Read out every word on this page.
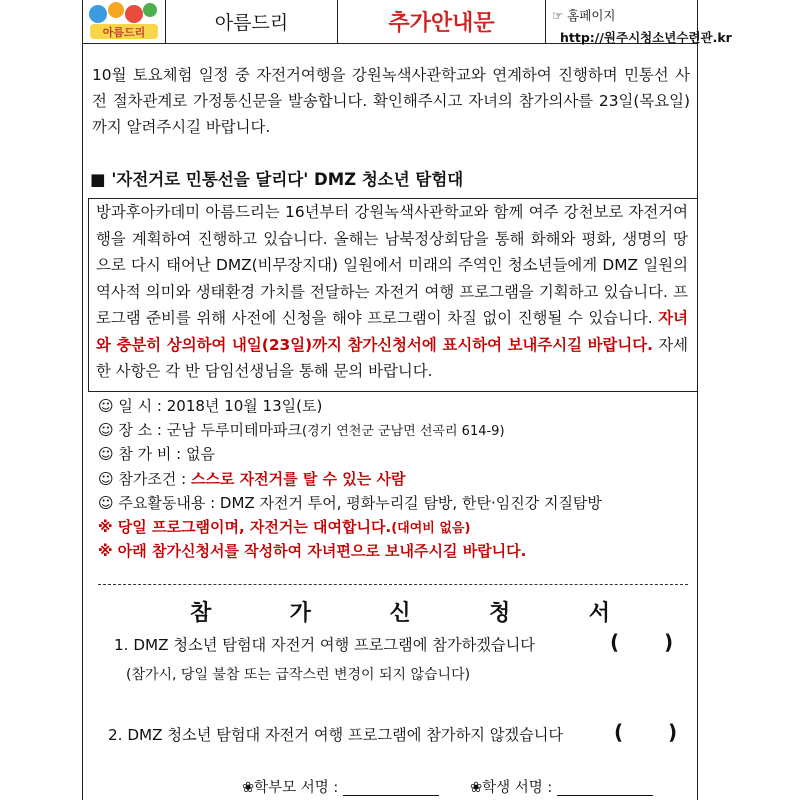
아름드리	아름드리	추가안내문	☞ 홈페이지
http://원주시청소년수련관.kr
10월 토요체험 일정 중 자전거여행을 강원녹색사관학교와 연계하여 진행하며 민통선 사전 절차관계로 가정통신문을 발송합니다. 확인해주시고 자녀의 참가의사를 23일(목요일)까지 알려주시길 바랍니다.
■ '자전거로 민통선을 달리다' DMZ 청소년 탐험대
방과후아카데미 아름드리는 16년부터 강원녹색사관학교와 함께 여주 강천보로 자전거여행을 계획하여 진행하고 있습니다. 올해는 남북정상회담을 통해 화해와 평화, 생명의 땅으로 다시 태어난 DMZ(비무장지대) 일원에서 미래의 주역인 청소년들에게 DMZ 일원의 역사적 의미와 생태환경 가치를 전달하는 자전거 여행 프로그램을 기획하고 있습니다. 프로그램 준비를 위해 사전에 신청을 해야 프로그램이 차질 없이 진행될 수 있습니다. 자녀와 충분히 상의하여 내일(23일)까지 참가신청서에 표시하여 보내주시길 바랍니다. 자세한 사항은 각 반 담임선생님을 통해 문의 바랍니다.
☺ 일 시 : 2018년 10월 13일(토)
☺ 장 소 : 군남 두루미테마파크(경기 연천군 군남면 선곡리 614-9)
☺ 참 가 비 : 없음
☺ 참가조건 : 스스로 자전거를 탈 수 있는 사람
☺ 주요활동내용 : DMZ 자전거 투어, 평화누리길 탐방, 한탄·임진강 지질탐방
※ 당일 프로그램이며, 자전거는 대여합니다.(대여비 없음)
※ 아래 참가신청서를 작성하여 자녀편으로 보내주시길 바랍니다.
참	가	신	청	서
1. DMZ 청소년 탐험대 자전거 여행 프로그램에 참가하겠습니다	( )
(참가시, 당일 불참 또는 급작스런 변경이 되지 않습니다)
2. DMZ 청소년 탐험대 자전거 여행 프로그램에 참가하지 않겠습니다	( )
❀학부모 서명 :	❀학생 서명 :
